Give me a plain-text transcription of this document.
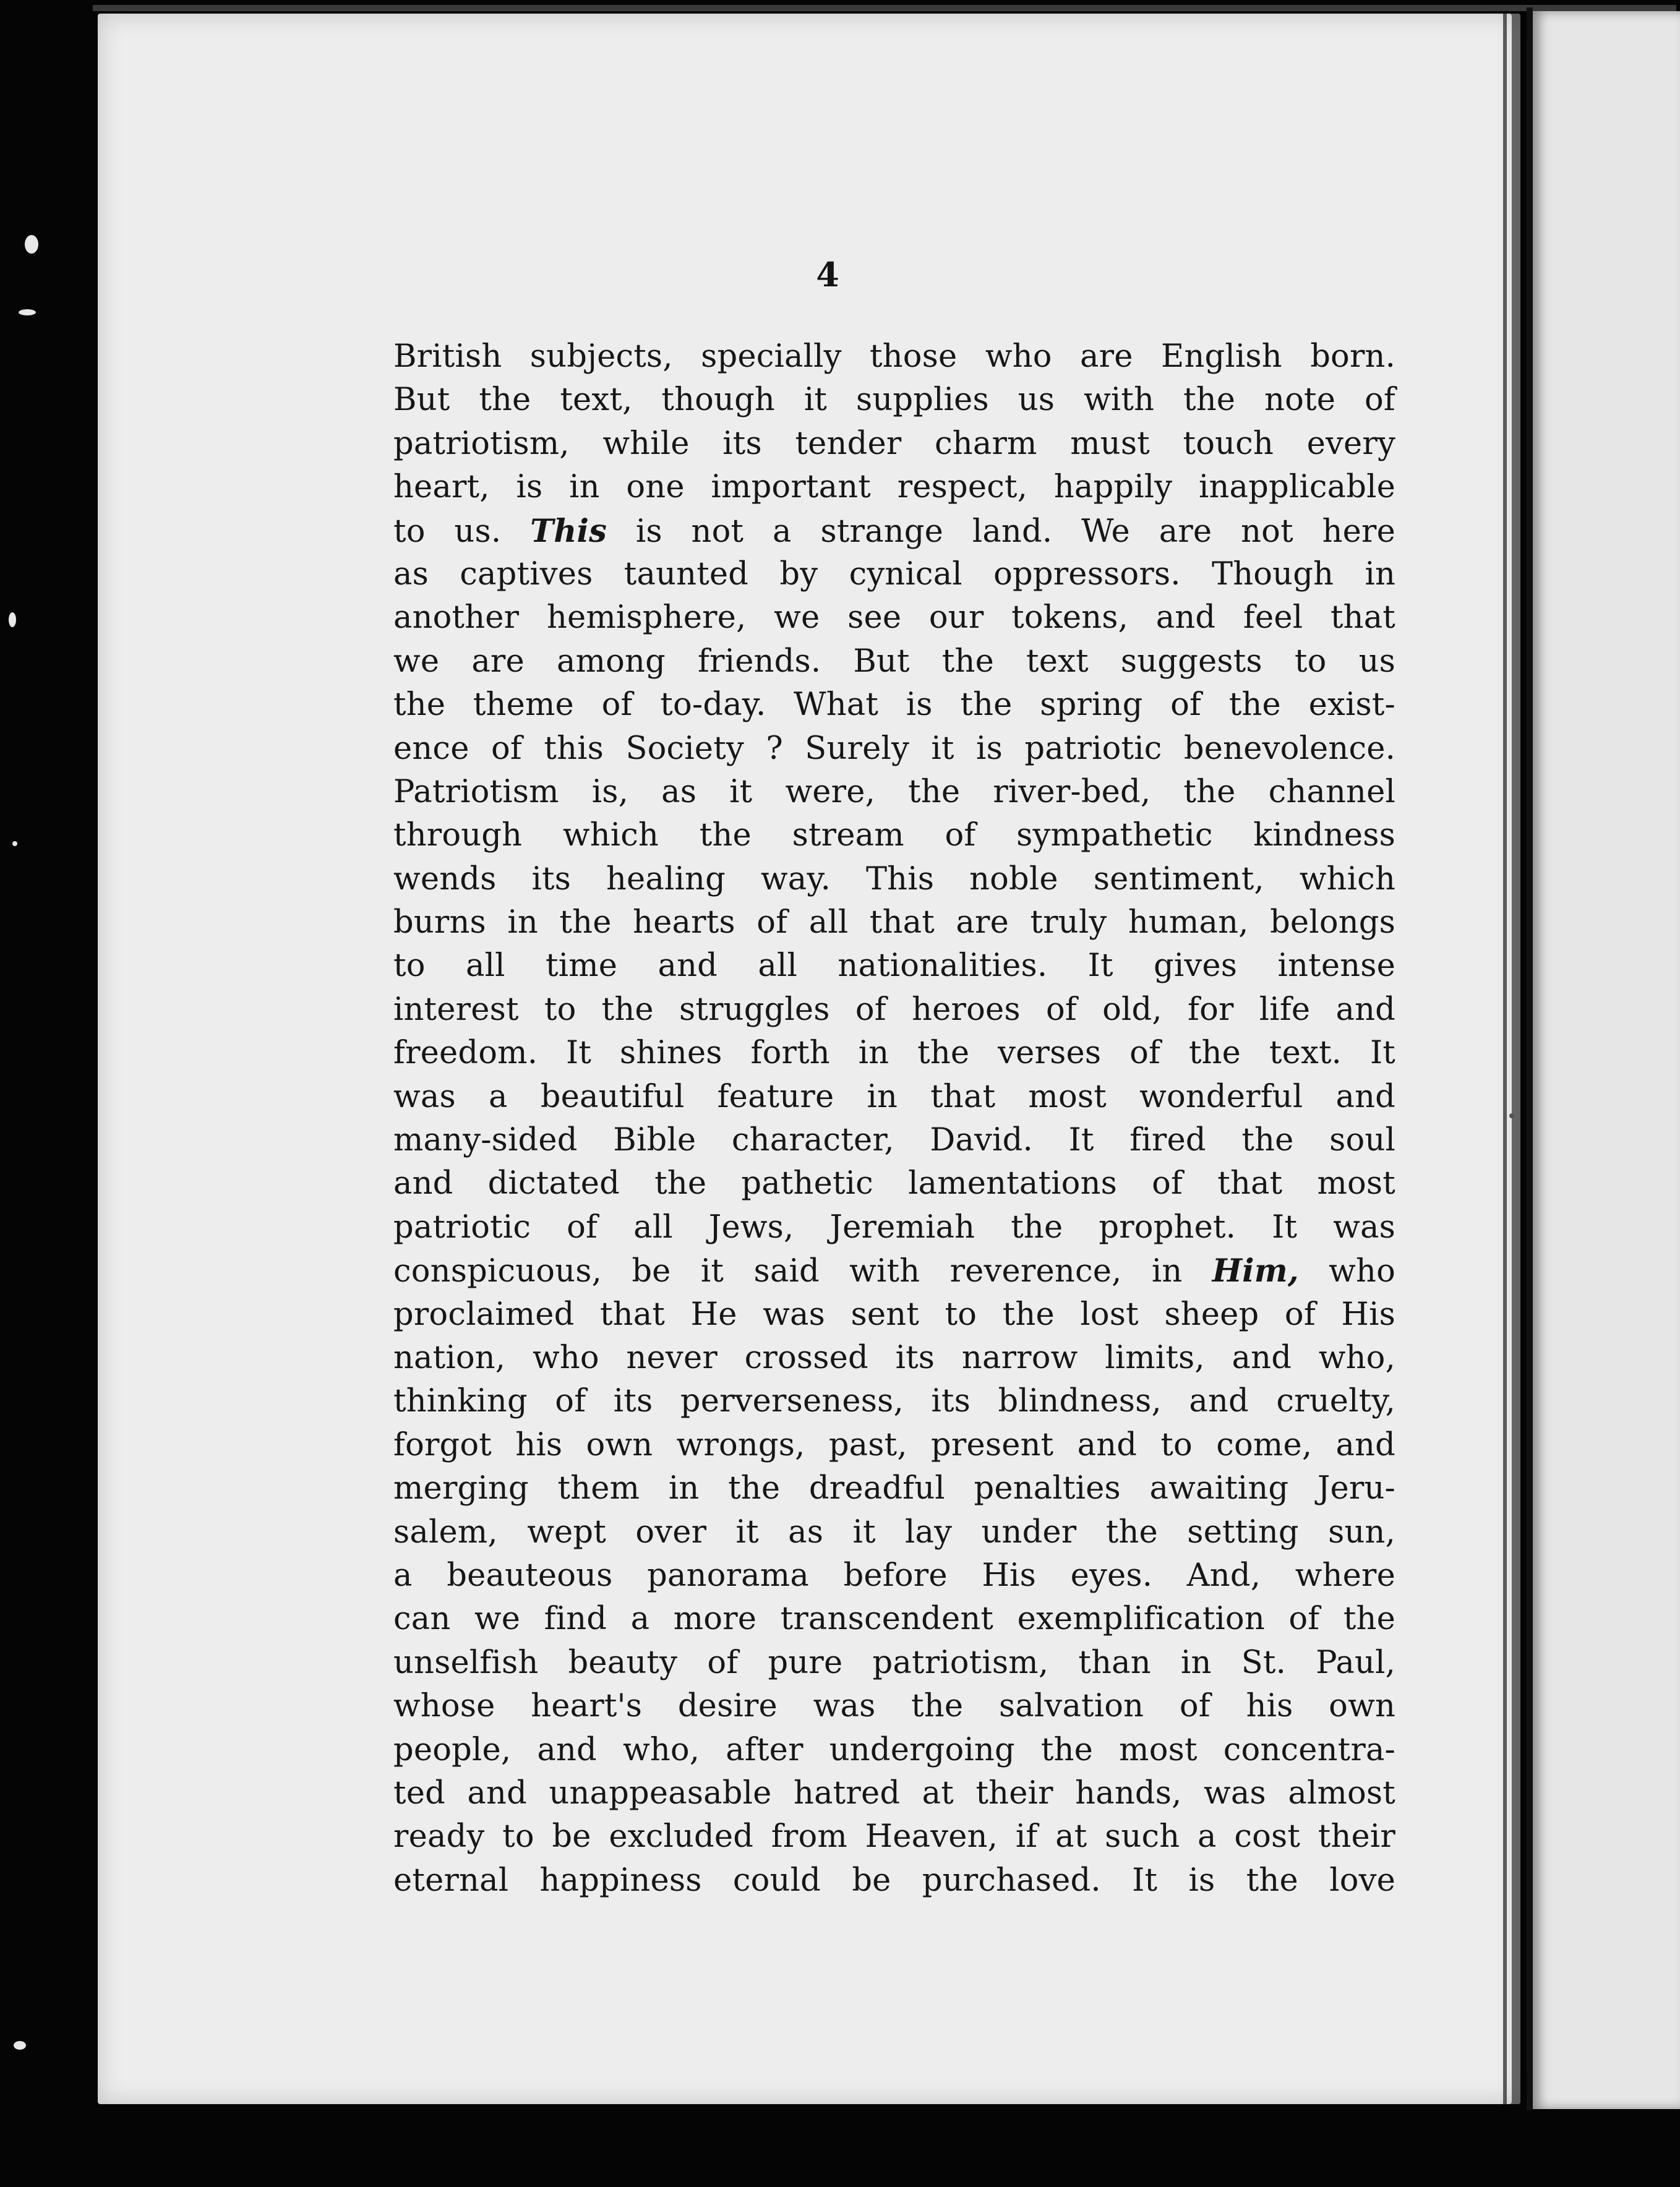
4
British subjects, specially those who are English born.
But the text, though it supplies us with the note of
patriotism, while its tender charm must touch every
heart, is in one important respect, happily inapplicable
to us. This is not a strange land. We are not here
as captives taunted by cynical oppressors. Though in
another hemisphere, we see our tokens, and feel that
we are among friends. But the text suggests to us
the theme of to-day. What is the spring of the exist-
ence of this Society ? Surely it is patriotic benevolence.
Patriotism is, as it were, the river-bed, the channel
through which the stream of sympathetic kindness
wends its healing way. This noble sentiment, which
burns in the hearts of all that are truly human, belongs
to all time and all nationalities. It gives intense
interest to the struggles of heroes of old, for life and
freedom. It shines forth in the verses of the text. It
was a beautiful feature in that most wonderful and
many-sided Bible character, David. It fired the soul
and dictated the pathetic lamentations of that most
patriotic of all Jews, Jeremiah the prophet. It was
conspicuous, be it said with reverence, in Him, who
proclaimed that He was sent to the lost sheep of His
nation, who never crossed its narrow limits, and who,
thinking of its perverseness, its blindness, and cruelty,
forgot his own wrongs, past, present and to come, and
merging them in the dreadful penalties awaiting Jeru-
salem, wept over it as it lay under the setting sun,
a beauteous panorama before His eyes. And, where
can we find a more transcendent exemplification of the
unselfish beauty of pure patriotism, than in St. Paul,
whose heart's desire was the salvation of his own
people, and who, after undergoing the most concentra-
ted and unappeasable hatred at their hands, was almost
ready to be excluded from Heaven, if at such a cost their
eternal happiness could be purchased. It is the love
